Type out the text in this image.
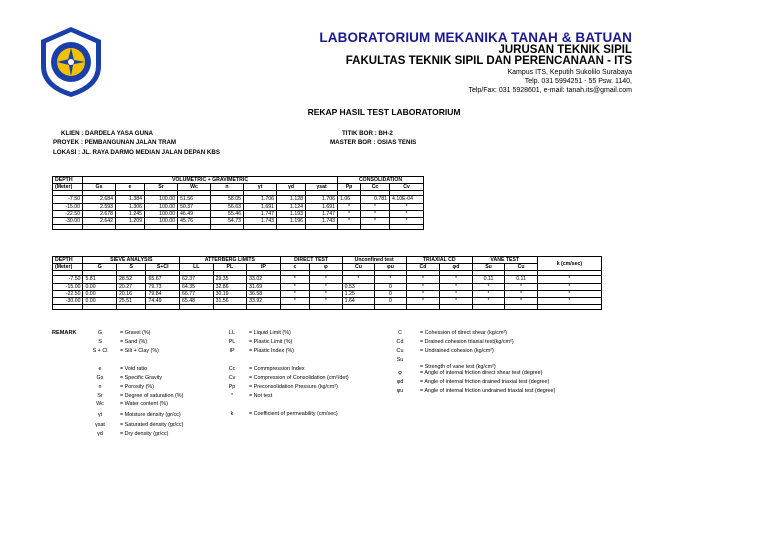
LABORATORIUM MEKANIKA TANAH & BATUAN
JURUSAN TEKNIK SIPIL
FAKULTAS TEKNIK SIPIL DAN PERENCANAAN - ITS
Kampus ITS, Keputih Sukolilo Surabaya
Telp. 031 5994251 - 55 Psw. 1140,
Telp/Fax: 031 5928601, e-mail: tanah.its@gmail.com
REKAP HASIL TEST LABORATORIUM
KLIEN : DARDELA YASA GUNA
PROYEK : PEMBANGUNAN JALAN TRAM
LOKASI : JL. RAYA DARMO MEDIAN JALAN DEPAN KBS
TITIK BOR : BH-2
MASTER BOR : OSIAS TENIS
DEPTH	VOLUMETRIC + GRAVIMETRIC								CONSOLIDATION		
(Meter)	Gs	e	Sr	Wc	n	γt	γd	γsat	Pp	Cc	Cv

-7.50	2.684	1.384	100.00	51.56	58.05	1.706	1.128	1.706	1.06	0.781	4.10E-04
-15.00	2.593	1.306	100.00	50.37	56.63	1.691	1.124	1.691	*	*	*
-22.50	2.678	1.245	100.00	46.49	55.46	1.747	1.193	1.747	*	*	*
-30.00	2.642	1.209	100.00	45.76	54.73	1.743	1.196	1.743	*	*	*

DEPTH	SIEVE ANALYSIS			ATTERBERG LIMITS			DIRECT TEST		Unconfined test		TRIAXIAL CD		VANE TEST		k (cm/sec)
(Meter)	G	S	S+Cl	LL	PL	IP	c	φ	Cu	φu	Cd	φd	Su	Cu	

-7.50	5.81	28.52	65.67	62.37	29.35	33.02	*	*	*	*	*	*	0.11	0.11	*
-15.00	0.00	20.27	79.73	64.35	32.86	31.69	*	*	0.53	0	*	*	*	*	*
-22.50	0.00	20.16	79.84	66.77	30.19	36.58	*	*	1.25	0	*	*	*	*	*
-30.00	0.00	25.51	74.49	65.48	31.56	33.92	*	*	1.64	0	*	*	*	*	*

REMARK	G	= Gravel (%)
S	= Sand (%)
S + Cl	= Silt + Clay (%)
e	= Void ratio
Gs	= Specific Gravity
n	= Porosity (%)
Sr	= Degree of saturation (%)
Wc	= Water content (%)
γt	= Moisture density (gr/cc)
γsat	= Saturated density (gr/cc)
γd	= Dry density (gr/cc)
LL	= Liquid Limit (%)
PL	= Plastic Limit (%)
IP	= Plastic Index (%)
Cc	= Commpression Index
Cv	= Compression of Consolidation (cm²/det)
Pp	= Preconsolidation Pressure (kg/cm²)
*	= Not test
k	= Coefficient of permeability (cm/sec)
C	= Cohession of direct shear (kg/cm²)
Cd	= Drained cohesion triaxial test(kg/cm²)
Cu	= Undrained cohesion (kg/cm²)
Su
= Strength of vane test (kg/cm²)
φ	= Angle of internal friction direct shear test (degree)
φd	= Angle of internal friction drained triaxial test (degree)
φu	= Angle of internal friction undrained triaxial test (degree)
